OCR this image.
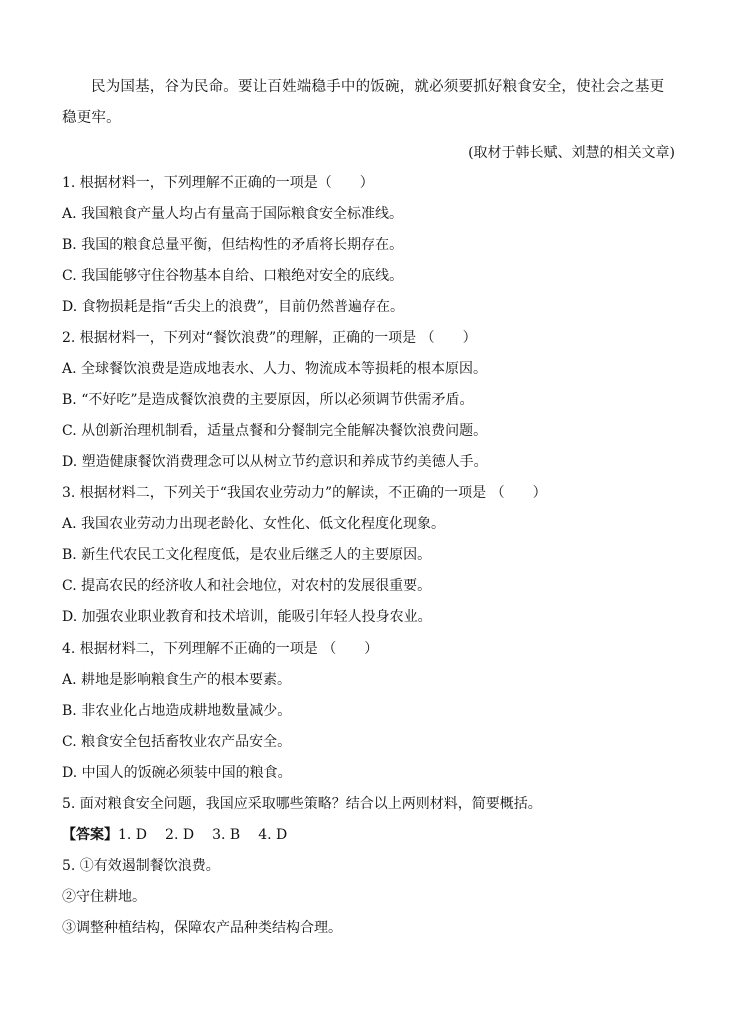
民为国基，谷为民命。要让百姓端稳手中的饭碗，就必须要抓好粮食安全，使社会之基更稳更牢。
(取材于韩长赋、刘慧的相关文章)
1. 根据材料一，下列理解不正确的一项是（　　）
A. 我国粮食产量人均占有量高于国际粮食安全标准线。
B. 我国的粮食总量平衡，但结构性的矛盾将长期存在。
C. 我国能够守住谷物基本自给、口粮绝对安全的底线。
D. 食物损耗是指“舌尖上的浪费”，目前仍然普遍存在。
2. 根据材料一，下列对“餐饮浪费”的理解，正确的一项是 （　　）
A. 全球餐饮浪费是造成地表水、人力、物流成本等损耗的根本原因。
B. “不好吃”是造成餐饮浪费的主要原因，所以必须调节供需矛盾。
C. 从创新治理机制看，适量点餐和分餐制完全能解决餐饮浪费问题。
D. 塑造健康餐饮消费理念可以从树立节约意识和养成节约美德人手。
3. 根据材料二，下列关于“我国农业劳动力”的解读，不正确的一项是 （　　）
A. 我国农业劳动力出现老龄化、女性化、低文化程度化现象。
B. 新生代农民工文化程度低，是农业后继乏人的主要原因。
C. 提高农民的经济收人和社会地位，对农村的发展很重要。
D. 加强农业职业教育和技术培训，能吸引年轻人投身农业。
4. 根据材料二，下列理解不正确的一项是 （　　）
A. 耕地是影响粮食生产的根本要素。
B. 非农业化占地造成耕地数量减少。
C. 粮食安全包括畜牧业农产品安全。
D. 中国人的饭碗必须装中国的粮食。
5. 面对粮食安全问题，我国应采取哪些策略？结合以上两则材料，简要概括。
【答案】1. D 2. D 3. B 4. D
5. ①有效遏制餐饮浪费。
②守住耕地。
③调整种植结构，保障农产品种类结构合理。
